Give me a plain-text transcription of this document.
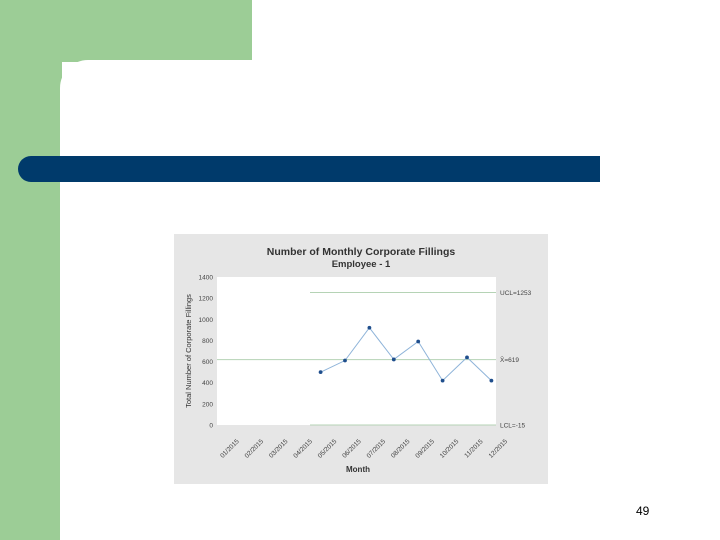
Number of Monthly Corporate Fillings
Employee - 1
Total Number of Corporate Fillings
Month
0
200
400
600
800
1000
1200
1400
UCL=1253
X̄=619
LCL=-15
01/2015 02/2015 03/2015 04/2015 05/2015 06/2015 07/2015 08/2015 09/2015 10/2015 11/2015 12/2015
49
